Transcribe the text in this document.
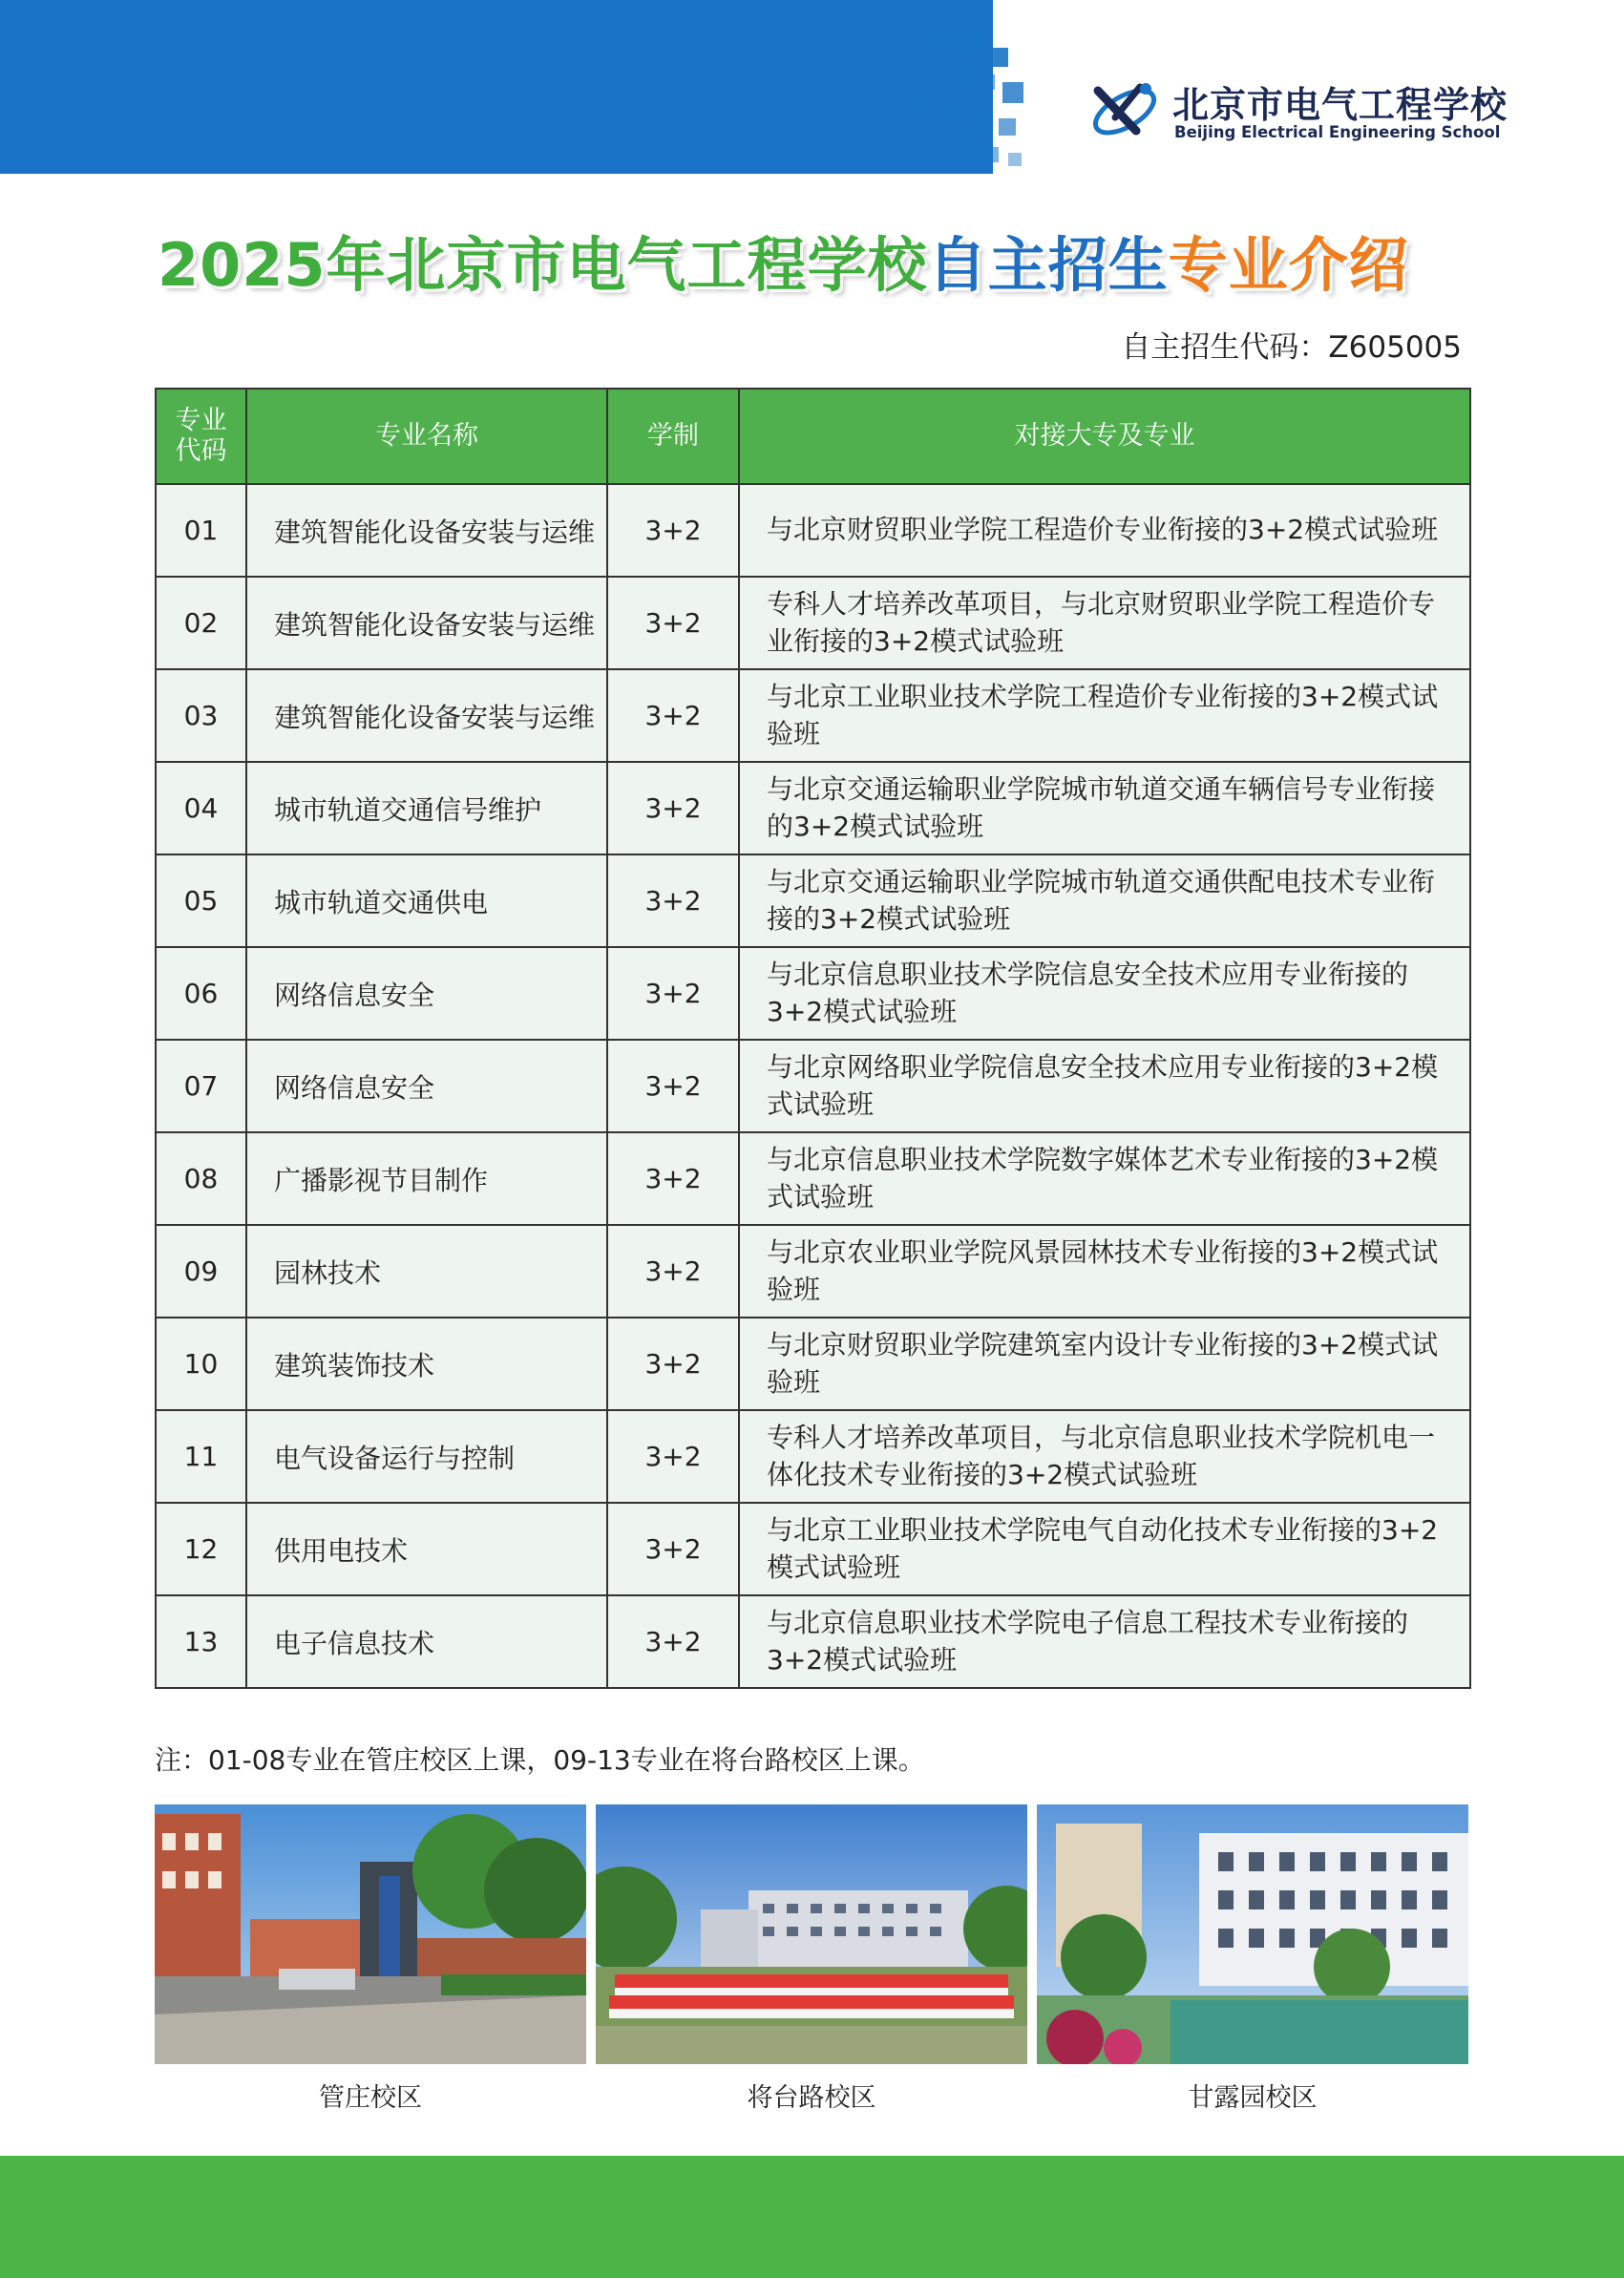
北京市电气工程学校
Beijing Electrical Engineering School
2025年北京市电气工程学校自主招生专业介绍
自主招生代码：Z605005
专业代码	专业名称	学制	对接大专及专业
01	建筑智能化设备安装与运维	3+2	与北京财贸职业学院工程造价专业衔接的3+2模式试验班
02	建筑智能化设备安装与运维	3+2	专科人才培养改革项目，与北京财贸职业学院工程造价专业衔接的3+2模式试验班
03	建筑智能化设备安装与运维	3+2	与北京工业职业技术学院工程造价专业衔接的3+2模式试验班
04	城市轨道交通信号维护	3+2	与北京交通运输职业学院城市轨道交通车辆信号专业衔接的3+2模式试验班
05	城市轨道交通供电	3+2	与北京交通运输职业学院城市轨道交通供配电技术专业衔接的3+2模式试验班
06	网络信息安全	3+2	与北京信息职业技术学院信息安全技术应用专业衔接的3+2模式试验班
07	网络信息安全	3+2	与北京网络职业学院信息安全技术应用专业衔接的3+2模式试验班
08	广播影视节目制作	3+2	与北京信息职业技术学院数字媒体艺术专业衔接的3+2模式试验班
09	园林技术	3+2	与北京农业职业学院风景园林技术专业衔接的3+2模式试验班
10	建筑装饰技术	3+2	与北京财贸职业学院建筑室内设计专业衔接的3+2模式试验班
11	电气设备运行与控制	3+2	专科人才培养改革项目，与北京信息职业技术学院机电一体化技术专业衔接的3+2模式试验班
12	供用电技术	3+2	与北京工业职业技术学院电气自动化技术专业衔接的3+2模式试验班
13	电子信息技术	3+2	与北京信息职业技术学院电子信息工程技术专业衔接的3+2模式试验班
注：01-08专业在管庄校区上课，09-13专业在将台路校区上课。
管庄校区	将台路校区	甘露园校区
